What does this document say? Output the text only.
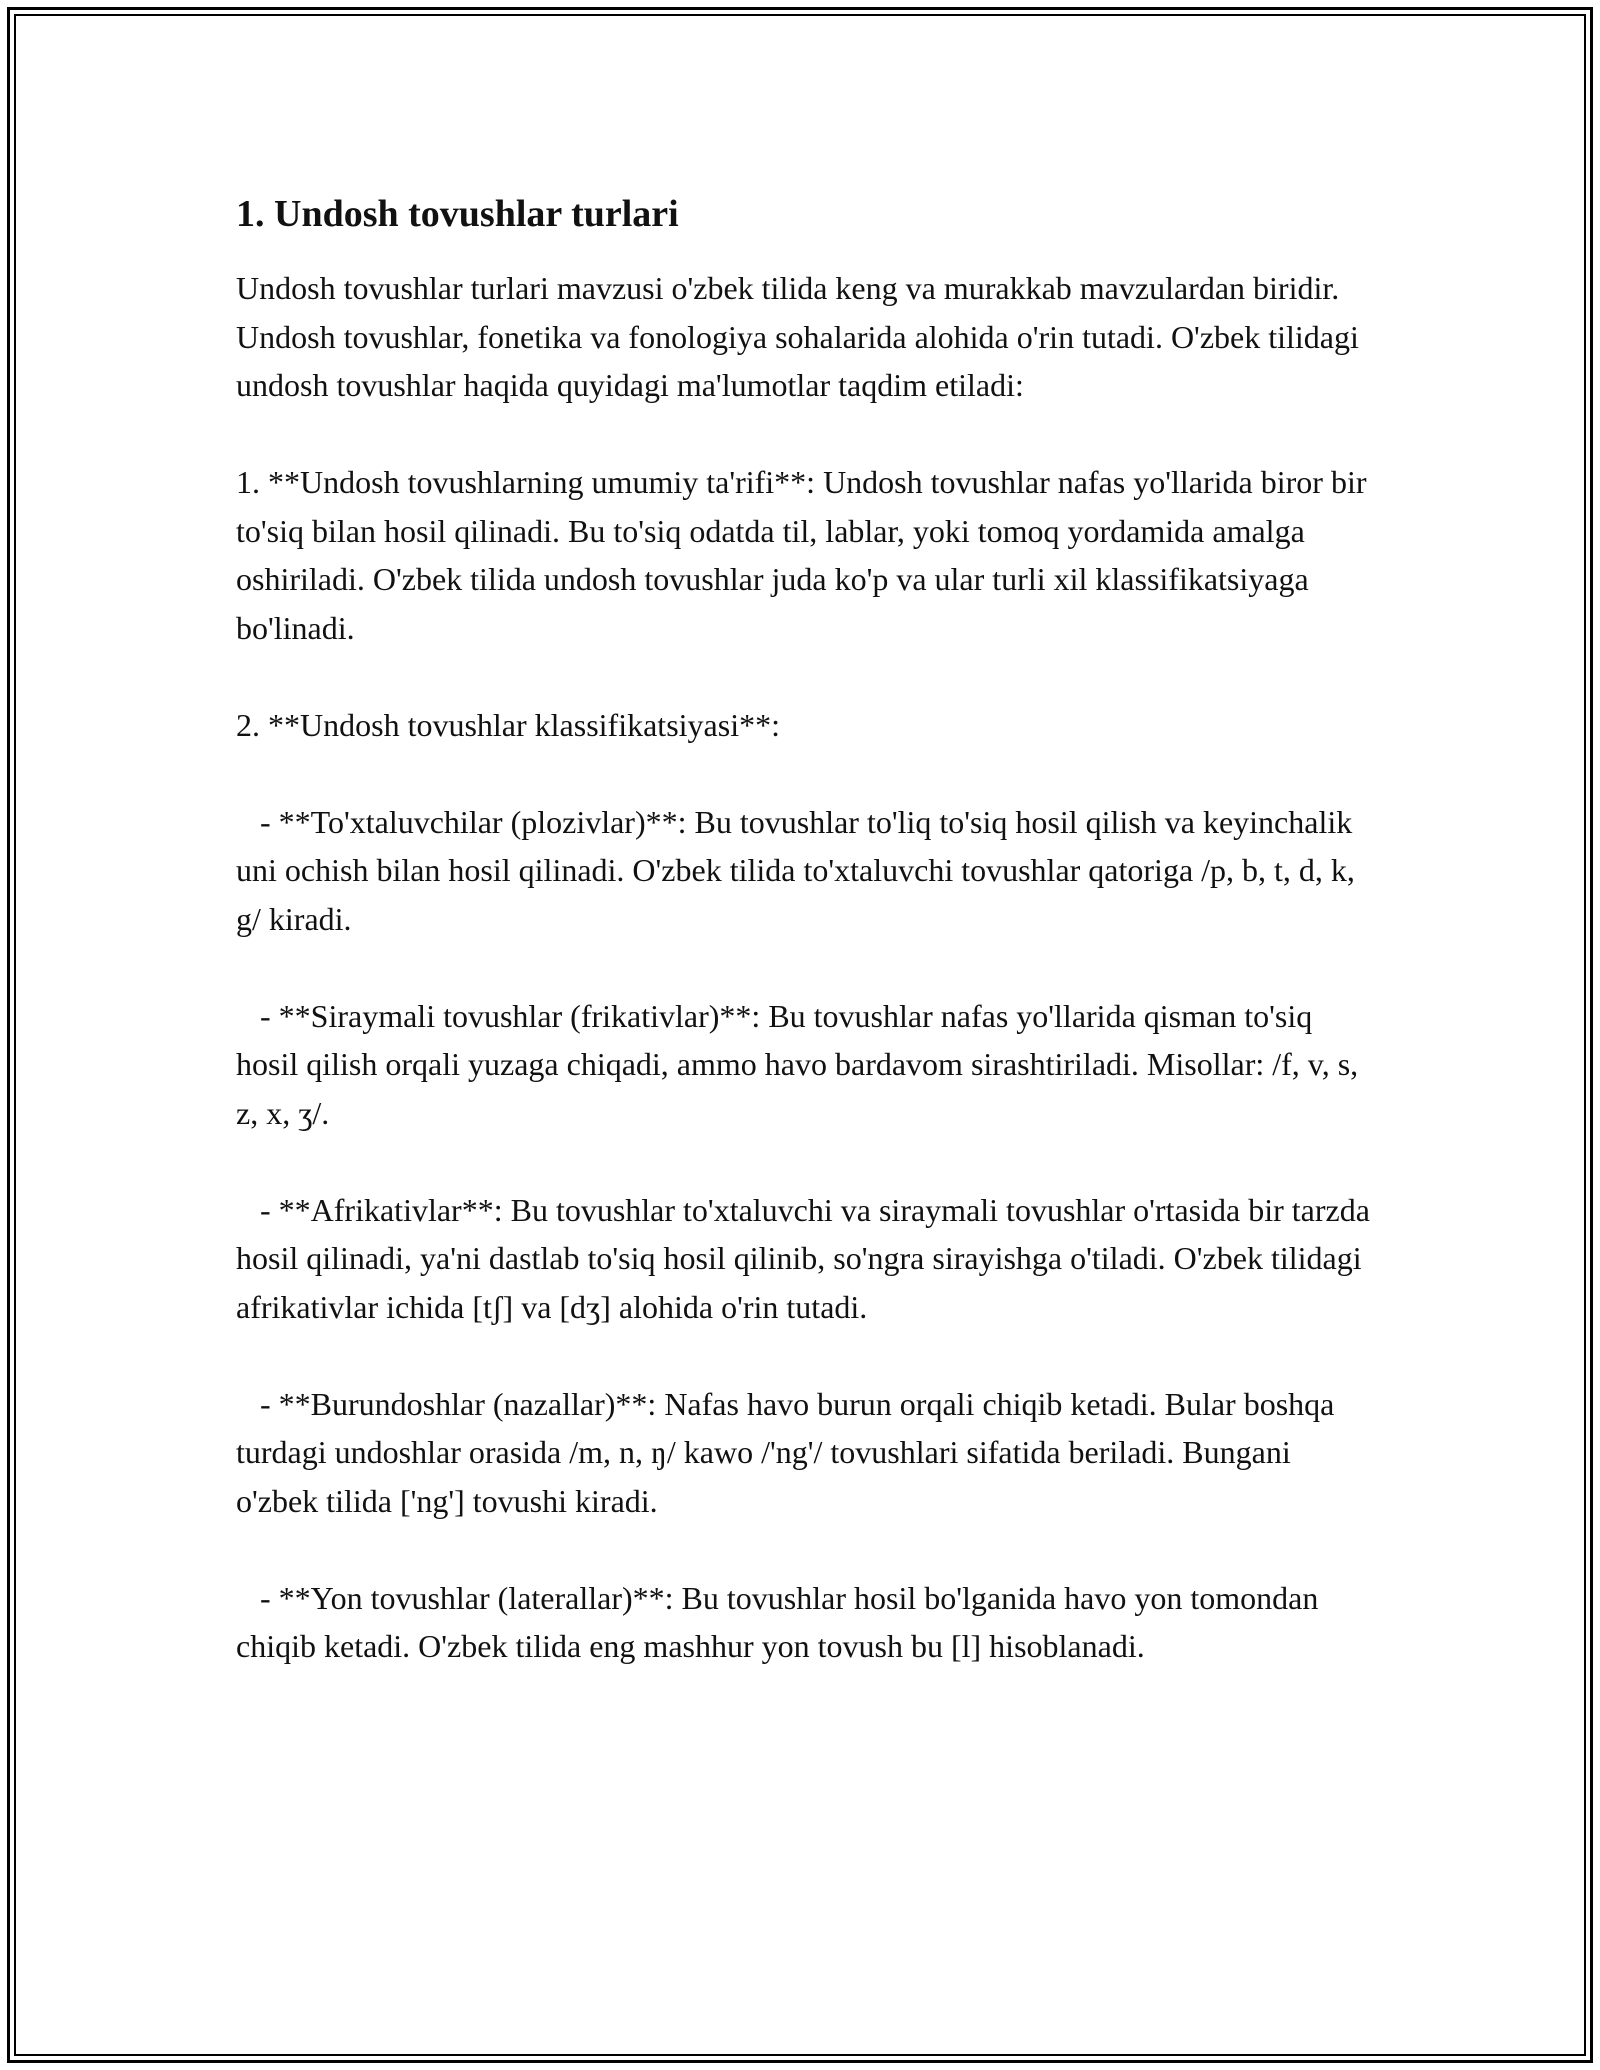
1. Undosh tovushlar turlari

Undosh tovushlar turlari mavzusi o'zbek tilida keng va murakkab mavzulardan biridir. Undosh tovushlar, fonetika va fonologiya sohalarida alohida o'rin tutadi. O'zbek tilidagi undosh tovushlar haqida quyidagi ma'lumotlar taqdim etiladi:

1. **Undosh tovushlarning umumiy ta'rifi**: Undosh tovushlar nafas yo'llarida biror bir to'siq bilan hosil qilinadi. Bu to'siq odatda til, lablar, yoki tomoq yordamida amalga oshiriladi. O'zbek tilida undosh tovushlar juda ko'p va ular turli xil klassifikatsiyaga bo'linadi.

2. **Undosh tovushlar klassifikatsiyasi**:

- **To'xtaluvchilar (plozivlar)**: Bu tovushlar to'liq to'siq hosil qilish va keyinchalik uni ochish bilan hosil qilinadi. O'zbek tilida to'xtaluvchi tovushlar qatoriga /p, b, t, d, k, g/ kiradi.

- **Siraymali tovushlar (frikativlar)**: Bu tovushlar nafas yo'llarida qisman to'siq hosil qilish orqali yuzaga chiqadi, ammo havo bardavom sirashtiriladi. Misollar: /f, v, s, z, x, ʒ/.

- **Afrikativlar**: Bu tovushlar to'xtaluvchi va siraymali tovushlar o'rtasida bir tarzda hosil qilinadi, ya'ni dastlab to'siq hosil qilinib, so'ngra sirayishga o'tiladi. O'zbek tilidagi afrikativlar ichida [tʃ] va [dʒ] alohida o'rin tutadi.

- **Burundoshlar (nazallar)**: Nafas havo burun orqali chiqib ketadi. Bular boshqa turdagi undoshlar orasida /m, n, ŋ/ kawo /'ng'/ tovushlari sifatida beriladi. Bungani o'zbek tilida ['ng'] tovushi kiradi.

- **Yon tovushlar (laterallar)**: Bu tovushlar hosil bo'lganida havo yon tomondan chiqib ketadi. O'zbek tilida eng mashhur yon tovush bu [l] hisoblanadi.
